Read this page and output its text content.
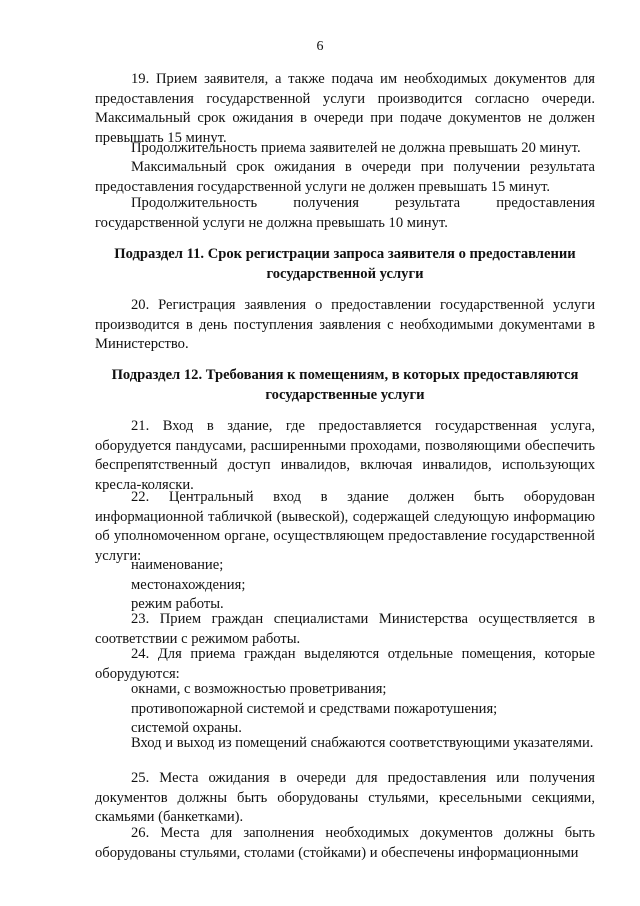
6
19. Прием заявителя, а также подача им необходимых документов для предоставления государственной услуги производится согласно очереди. Максимальный срок ожидания в очереди при подаче документов не должен превышать 15 минут.
Продолжительность приема заявителей не должна превышать 20 минут.
Максимальный срок ожидания в очереди при получении результата предоставления государственной услуги не должен превышать 15 минут.
Продолжительность получения результата предоставления государственной услуги не должна превышать 10 минут.
Подраздел 11. Срок регистрации запроса заявителя о предоставлении государственной услуги
20. Регистрация заявления о предоставлении государственной услуги производится в день поступления заявления с необходимыми документами в Министерство.
Подраздел 12. Требования к помещениям, в которых предоставляются государственные услуги
21. Вход в здание, где предоставляется государственная услуга, оборудуется пандусами, расширенными проходами, позволяющими обеспечить беспрепятственный доступ инвалидов, включая инвалидов, использующих кресла-коляски.
22. Центральный вход в здание должен быть оборудован информационной табличкой (вывеской), содержащей следующую информацию об уполномоченном органе, осуществляющем предоставление государственной услуги:
наименование;
местонахождения;
режим работы.
23. Прием граждан специалистами Министерства осуществляется в соответствии с режимом работы.
24. Для приема граждан выделяются отдельные помещения, которые оборудуются:
окнами, с возможностью проветривания;
противопожарной системой и средствами пожаротушения;
системой охраны.
Вход и выход из помещений снабжаются соответствующими указателями.
25. Места ожидания в очереди для предоставления или получения документов должны быть оборудованы стульями, кресельными секциями, скамьями (банкетками).
26. Места для заполнения необходимых документов должны быть оборудованы стульями, столами (стойками) и обеспечены информационными
